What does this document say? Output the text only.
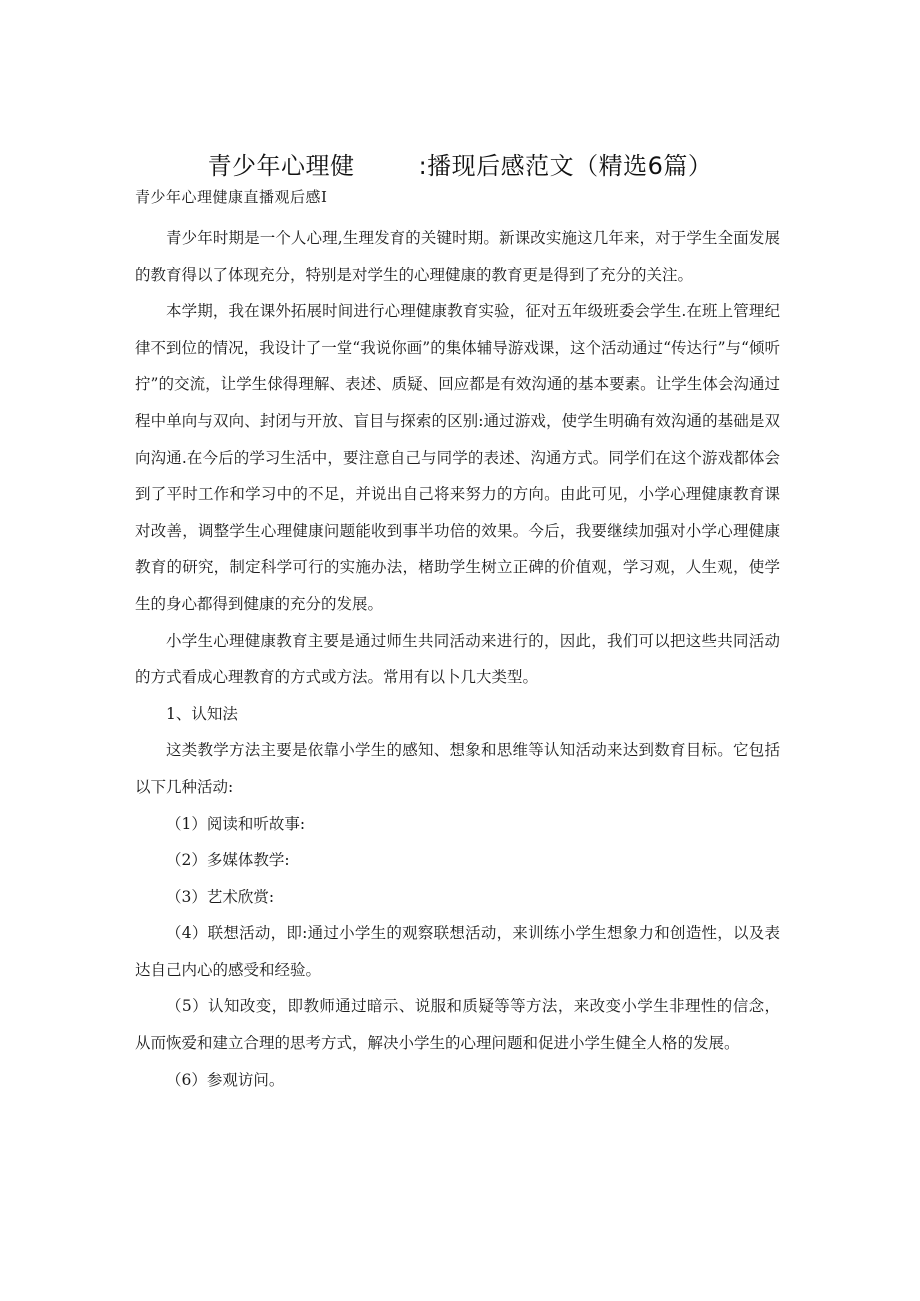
青少年心理健	:播现后感范文（精选6篇）
青少年心理健康直播观后感I

青少年时期是一个人心理,生理发育的关键时期。新课改实施这几年来，对于学生全面发展的教育得以了体现充分，特别是对学生的心理健康的教育更是得到了充分的关注。

本学期，我在课外拓展时间进行心理健康教育实验，征对五年级班委会学生.在班上管理纪律不到位的情况，我设计了一堂“我说你画”的集体辅导游戏课，这个活动通过“传达行”与“倾听拧”的交流，让学生俅得理解、表述、质疑、回应都是有效沟通的基本要素。让学生体会沟通过程中单向与双向、封闭与开放、盲目与探索的区别:通过游戏，使学生明确有效沟通的基础是双向沟通.在今后的学习生活中，要注意自己与同学的表述、沟通方式。同学们在这个游戏都体会到了平时工作和学习中的不足，并说出自己将来努力的方向。由此可见，小学心理健康教育课对改善，调整学生心理健康问题能收到事半功倍的效果。今后，我要继续加强对小学心理健康教育的研究，制定科学可行的实施办法，楮助学生树立正碑的价值观，学习观，人生观，使学生的身心都得到健康的充分的发展。

小学生心理健康教育主要是通过师生共同活动来进行的，因此，我们可以把这些共同活动的方式看成心理教育的方式或方法。常用有以卜几大类型。

1、认知法

这类教学方法主要是依靠小学生的感知、想象和思维等认知活动来达到数育目标。它包括以下几种活动:

（1）阅读和听故事:

（2）多媒体教学:

（3）艺术欣赏:

（4）联想活动，即:通过小学生的观察联想活动，来训练小学生想象力和创造性，以及表达自己内心的感受和经验。

（5）认知改变，即教师通过暗示、说服和质疑等等方法，来改变小学生非理性的信念，从而恢爱和建立合理的思考方式，解决小学生的心理问题和促进小学生健全人格的发展。

（6）参观访问。
